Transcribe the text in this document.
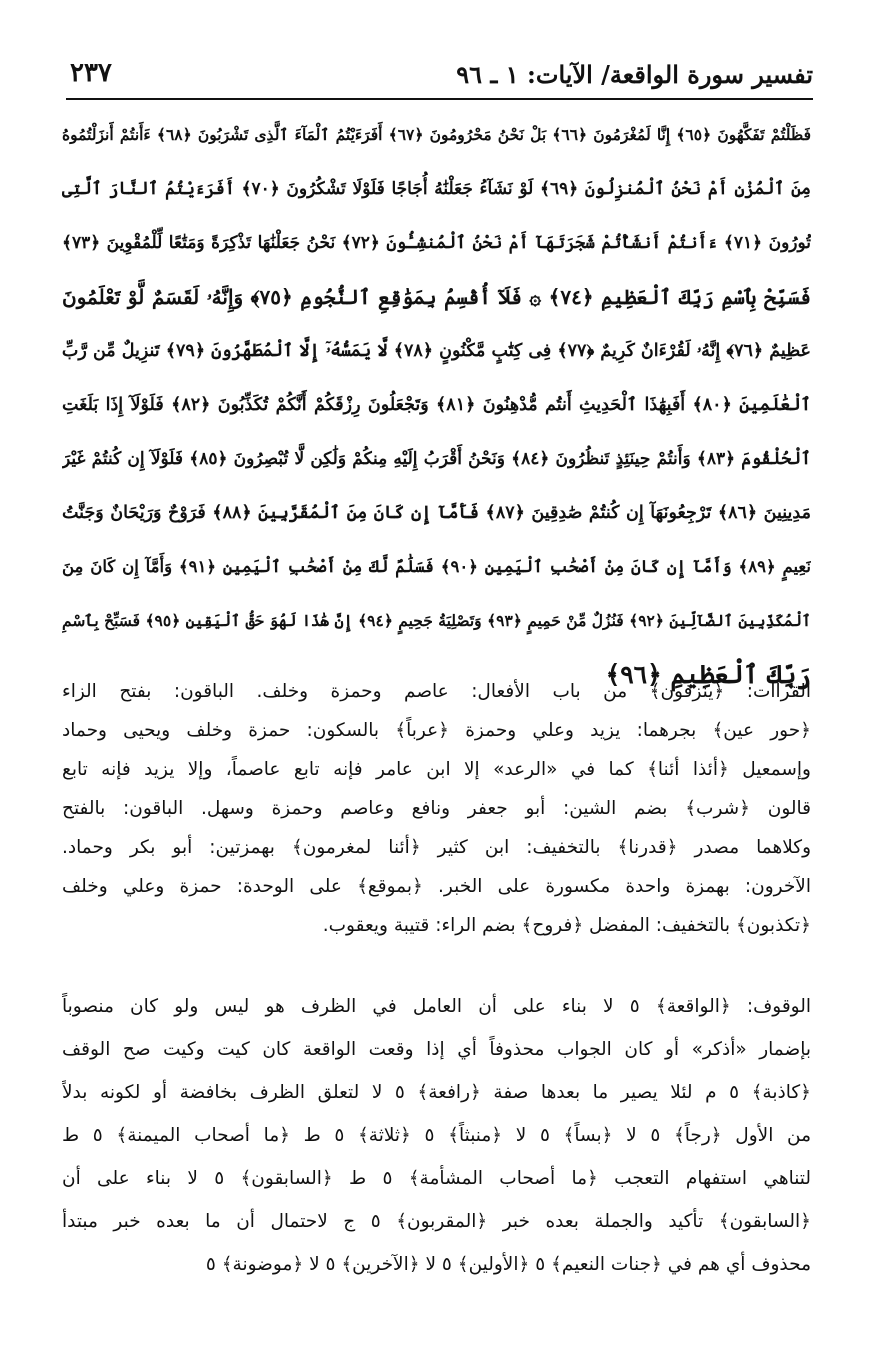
٢٣٧	تفسير سورة الواقعة/ الآيات: ١ ـ ٩٦
فَظَلْتُمْ تَفَكَّهُونَ ﴿٦٥﴾ إِنَّا لَمُغْرَمُونَ ﴿٦٦﴾ بَلْ نَحْنُ مَحْرُومُونَ ﴿٦٧﴾ أَفَرَءَيْتُمُ ٱلْمَآءَ ٱلَّذِى تَشْرَبُونَ ﴿٦٨﴾ ءَأَنتُمْ أَنزَلْتُمُوهُ
مِنَ ٱلْمُزْنِ أَمْ نَحْنُ ٱلْمُنزِلُونَ ﴿٦٩﴾ لَوْ نَشَآءُ جَعَلْنَٰهُ أُجَاجًا فَلَوْلَا تَشْكُرُونَ ﴿٧٠﴾ أَفَرَءَيْتُمُ ٱلنَّارَ ٱلَّتِى
تُورُونَ ﴿٧١﴾ ءَأَنتُمْ أَنشَأْتُمْ شَجَرَتَهَآ أَمْ نَحْنُ ٱلْمُنشِـُٔونَ ﴿٧٢﴾ نَحْنُ جَعَلْنَٰهَا تَذْكِرَةً وَمَتَٰعًا لِّلْمُقْوِينَ ﴿٧٣﴾
فَسَبِّحْ بِٱسْمِ رَبِّكَ ٱلْعَظِيمِ ﴿٧٤﴾ ۞ فَلَآ أُقْسِمُ بِمَوَٰقِعِ ٱلنُّجُومِ ﴿٧٥﴾ وَإِنَّهُۥ لَقَسَمٌ لَّوْ تَعْلَمُونَ
عَظِيمٌ ﴿٧٦﴾ إِنَّهُۥ لَقُرْءَانٌ كَرِيمٌ ﴿٧٧﴾ فِى كِتَٰبٍ مَّكْنُونٍ ﴿٧٨﴾ لَّا يَمَسُّهُۥٓ إِلَّا ٱلْمُطَهَّرُونَ ﴿٧٩﴾ تَنزِيلٌ مِّن رَّبِّ
ٱلْعَٰلَمِينَ ﴿٨٠﴾ أَفَبِهَٰذَا ٱلْحَدِيثِ أَنتُم مُّدْهِنُونَ ﴿٨١﴾ وَتَجْعَلُونَ رِزْقَكُمْ أَنَّكُمْ تُكَذِّبُونَ ﴿٨٢﴾ فَلَوْلَآ إِذَا بَلَغَتِ
ٱلْحُلْقُومَ ﴿٨٣﴾ وَأَنتُمْ حِينَئِذٍ تَنظُرُونَ ﴿٨٤﴾ وَنَحْنُ أَقْرَبُ إِلَيْهِ مِنكُمْ وَلَٰكِن لَّا تُبْصِرُونَ ﴿٨٥﴾ فَلَوْلَآ إِن كُنتُمْ غَيْرَ
مَدِينِينَ ﴿٨٦﴾ تَرْجِعُونَهَآ إِن كُنتُمْ صَٰدِقِينَ ﴿٨٧﴾ فَأَمَّآ إِن كَانَ مِنَ ٱلْمُقَرَّبِينَ ﴿٨٨﴾ فَرَوْحٌ وَرَيْحَانٌ وَجَنَّتُ
نَعِيمٍ ﴿٨٩﴾ وَأَمَّآ إِن كَانَ مِنْ أَصْحَٰبِ ٱلْيَمِينِ ﴿٩٠﴾ فَسَلَٰمٌ لَّكَ مِنْ أَصْحَٰبِ ٱلْيَمِينِ ﴿٩١﴾ وَأَمَّآ إِن كَانَ مِنَ
ٱلْمُكَذِّبِينَ ٱلضَّآلِّينَ ﴿٩٢﴾ فَنُزُلٌ مِّنْ حَمِيمٍ ﴿٩٣﴾ وَتَصْلِيَةُ جَحِيمٍ ﴿٩٤﴾ إِنَّ هَٰذَا لَهُوَ حَقُّ ٱلْيَقِينِ ﴿٩٥﴾ فَسَبِّحْ بِٱسْمِ
رَبِّكَ ٱلْعَظِيمِ ﴿٩٦﴾
القراآت: ﴿ينزفون﴾ من باب الأفعال: عاصم وحمزة وخلف. الباقون: بفتح الزاء
﴿حور عين﴾ بجرهما: يزيد وعلي وحمزة ﴿عرباً﴾ بالسكون: حمزة وخلف ويحيى وحماد
وإسمعيل ﴿أئذا أئنا﴾ كما في «الرعد» إلا ابن عامر فإنه تابع عاصماً، وإلا يزيد فإنه تابع
قالون ﴿شرب﴾ بضم الشين: أبو جعفر ونافع وعاصم وحمزة وسهل. الباقون: بالفتح
وكلاهما مصدر ﴿قدرنا﴾ بالتخفيف: ابن كثير ﴿أئنا لمغرمون﴾ بهمزتين: أبو بكر وحماد.
الآخرون: بهمزة واحدة مكسورة على الخبر. ﴿بموقع﴾ على الوحدة: حمزة وعلي وخلف
﴿تكذبون﴾ بالتخفيف: المفضل ﴿فروح﴾ بضم الراء: قتيبة ويعقوب.
الوقوف: ﴿الواقعة﴾ ٥ لا بناء على أن العامل في الظرف هو ليس ولو كان منصوباً
بإضمار «أذكر» أو كان الجواب محذوفاً أي إذا وقعت الواقعة كان كيت وكيت صح الوقف
﴿كاذبة﴾ ٥ م لئلا يصير ما بعدها صفة ﴿رافعة﴾ ٥ لا لتعلق الظرف بخافضة أو لكونه بدلاً
من الأول ﴿رجاً﴾ ٥ لا ﴿بساً﴾ ٥ لا ﴿منبثاً﴾ ٥ ﴿ثلاثة﴾ ٥ ط ﴿ما أصحاب الميمنة﴾ ٥ ط
لتناهي استفهام التعجب ﴿ما أصحاب المشأمة﴾ ٥ ط ﴿السابقون﴾ ٥ لا بناء على أن
﴿السابقون﴾ تأكيد والجملة بعده خبر ﴿المقربون﴾ ٥ ج لاحتمال أن ما بعده خبر مبتدأ
محذوف أي هم في ﴿جنات النعيم﴾ ٥ ﴿الأولين﴾ ٥ لا ﴿الآخرين﴾ ٥ لا ﴿موضونة﴾ ٥
